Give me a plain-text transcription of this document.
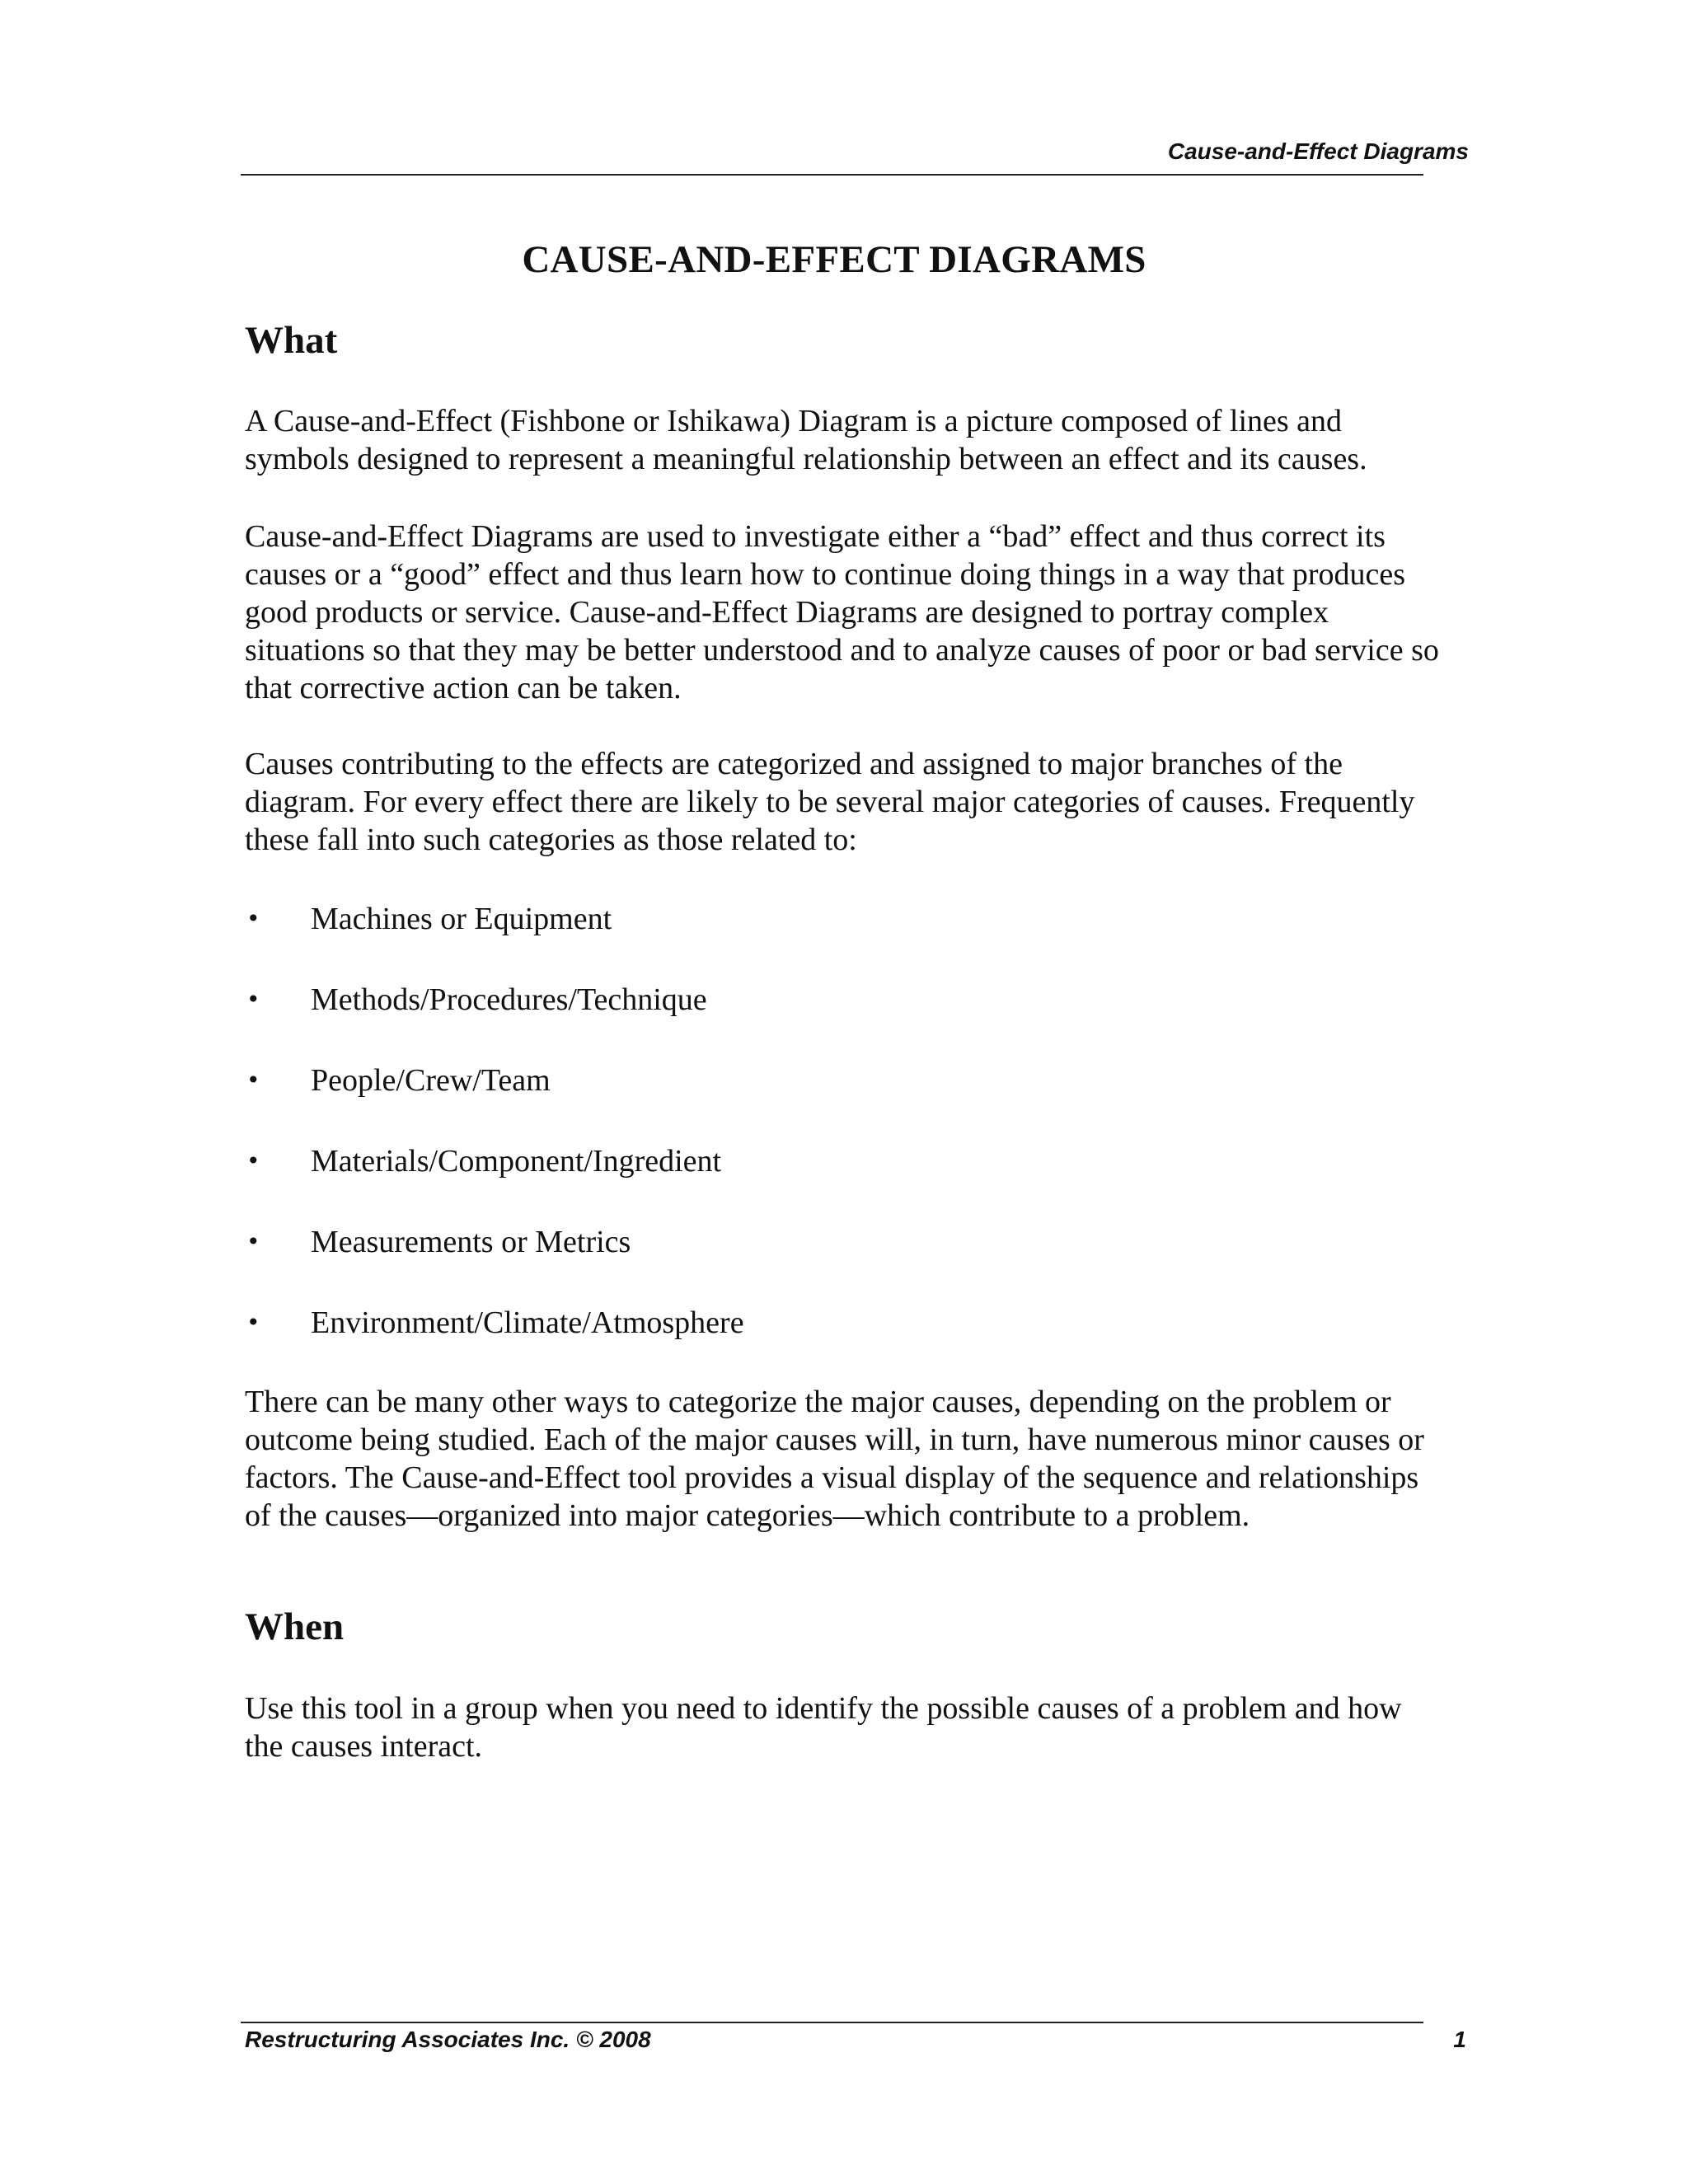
Cause-and-Effect Diagrams
CAUSE-AND-EFFECT DIAGRAMS
What

A Cause-and-Effect (Fishbone or Ishikawa) Diagram is a picture composed of lines and symbols designed to represent a meaningful relationship between an effect and its causes.

Cause-and-Effect Diagrams are used to investigate either a “bad” effect and thus correct its causes or a “good” effect and thus learn how to continue doing things in a way that produces good products or service. Cause-and-Effect Diagrams are designed to portray complex situations so that they may be better understood and to analyze causes of poor or bad service so that corrective action can be taken.

Causes contributing to the effects are categorized and assigned to major branches of the diagram. For every effect there are likely to be several major categories of causes. Frequently these fall into such categories as those related to:

• Machines or Equipment
• Methods/Procedures/Technique
• People/Crew/Team
• Materials/Component/Ingredient
• Measurements or Metrics
• Environment/Climate/Atmosphere

There can be many other ways to categorize the major causes, depending on the problem or outcome being studied. Each of the major causes will, in turn, have numerous minor causes or factors. The Cause-and-Effect tool provides a visual display of the sequence and relationships of the causes—organized into major categories—which contribute to a problem.

When

Use this tool in a group when you need to identify the possible causes of a problem and how the causes interact.

Restructuring Associates Inc. © 2008	1
